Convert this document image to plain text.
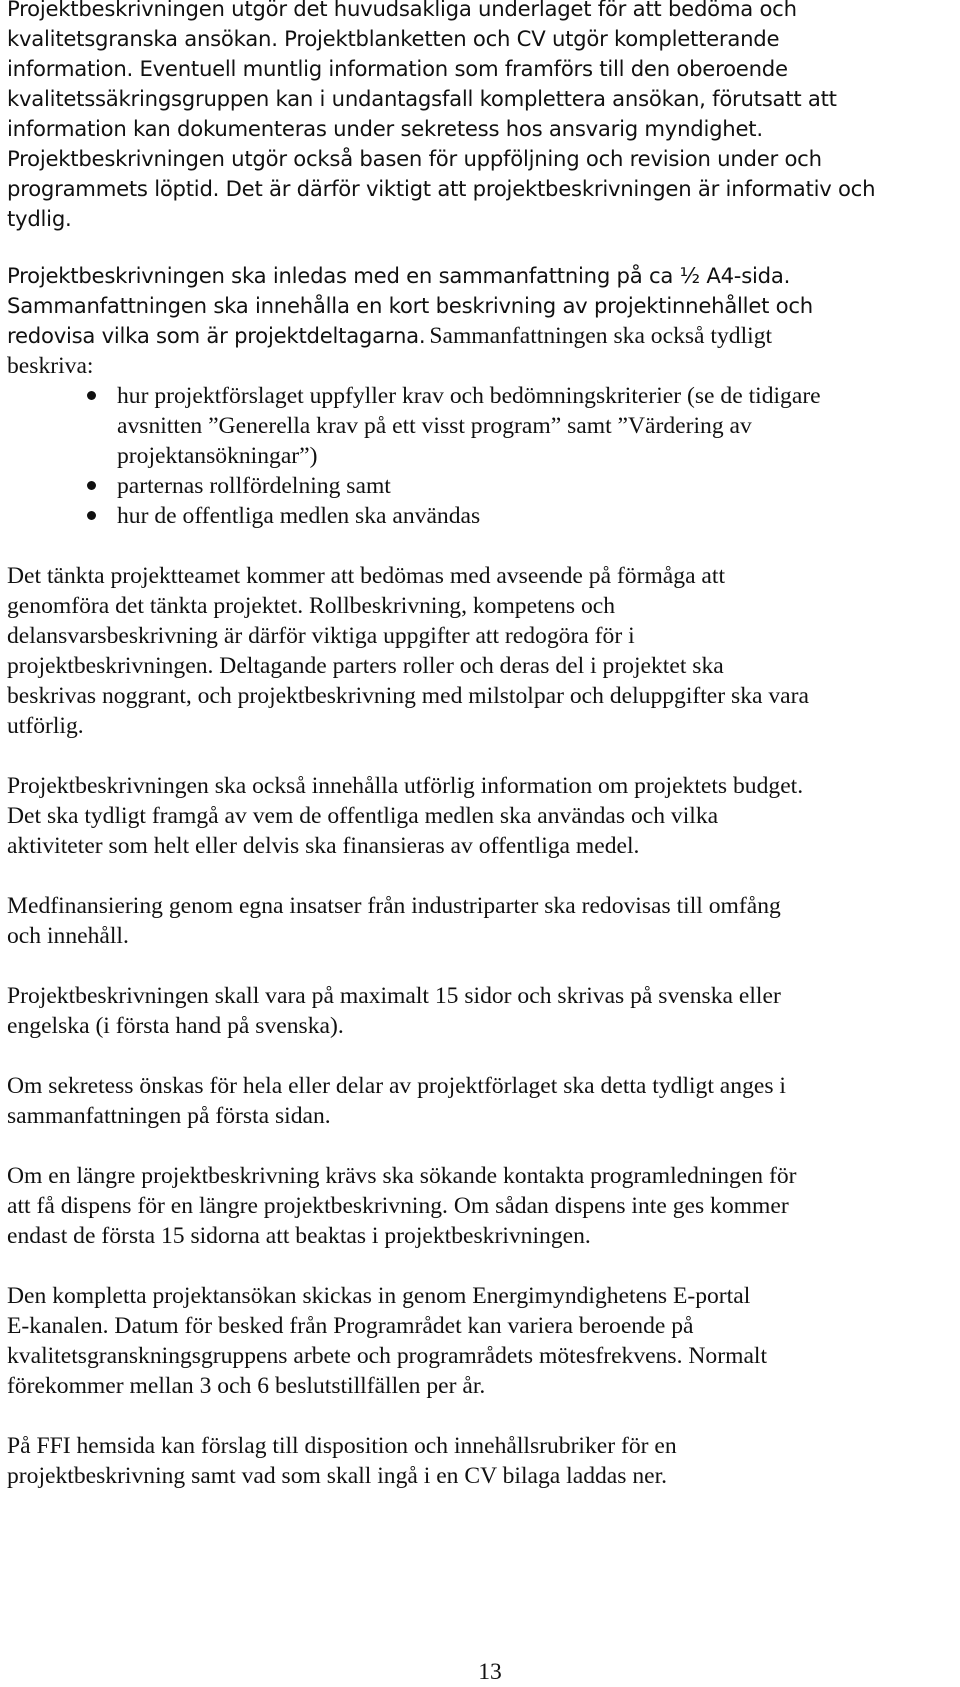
Projektbeskrivningen utgör det huvudsakliga underlaget för att bedöma och
kvalitetsgranska ansökan. Projektblanketten och CV utgör kompletterande
information. Eventuell muntlig information som framförs till den oberoende
kvalitetssäkringsgruppen kan i undantagsfall komplettera ansökan, förutsatt att
information kan dokumenteras under sekretess hos ansvarig myndighet.
Projektbeskrivningen utgör också basen för uppföljning och revision under och
programmets löptid. Det är därför viktigt att projektbeskrivningen är informativ och
tydlig.
Projektbeskrivningen ska inledas med en sammanfattning på ca ½ A4-sida.
Sammanfattningen ska innehålla en kort beskrivning av projektinnehållet och
redovisa vilka som är projektdeltagarna. Sammanfattningen ska också tydligt
beskriva:
hur projektförslaget uppfyller krav och bedömningskriterier (se de tidigare
avsnitten ”Generella krav på ett visst program” samt ”Värdering av
projektansökningar”)
parternas rollfördelning samt
hur de offentliga medlen ska användas
Det tänkta projektteamet kommer att bedömas med avseende på förmåga att
genomföra det tänkta projektet. Rollbeskrivning, kompetens och
delansvarsbeskrivning är därför viktiga uppgifter att redogöra för i
projektbeskrivningen. Deltagande parters roller och deras del i projektet ska
beskrivas noggrant, och projektbeskrivning med milstolpar och deluppgifter ska vara
utförlig.
Projektbeskrivningen ska också innehålla utförlig information om projektets budget.
Det ska tydligt framgå av vem de offentliga medlen ska användas och vilka
aktiviteter som helt eller delvis ska finansieras av offentliga medel.
Medfinansiering genom egna insatser från industriparter ska redovisas till omfång
och innehåll.
Projektbeskrivningen skall vara på maximalt 15 sidor och skrivas på svenska eller
engelska (i första hand på svenska).
Om sekretess önskas för hela eller delar av projektförlaget ska detta tydligt anges i
sammanfattningen på första sidan.
Om en längre projektbeskrivning krävs ska sökande kontakta programledningen för
att få dispens för en längre projektbeskrivning. Om sådan dispens inte ges kommer
endast de första 15 sidorna att beaktas i projektbeskrivningen.
Den kompletta projektansökan skickas in genom Energimyndighetens E-portal
E-kanalen. Datum för besked från Programrådet kan variera beroende på
kvalitetsgranskningsgruppens arbete och programrådets mötesfrekvens. Normalt
förekommer mellan 3 och 6 beslutstillfällen per år.
På FFI hemsida kan förslag till disposition och innehållsrubriker för en
projektbeskrivning samt vad som skall ingå i en CV bilaga laddas ner.
13
